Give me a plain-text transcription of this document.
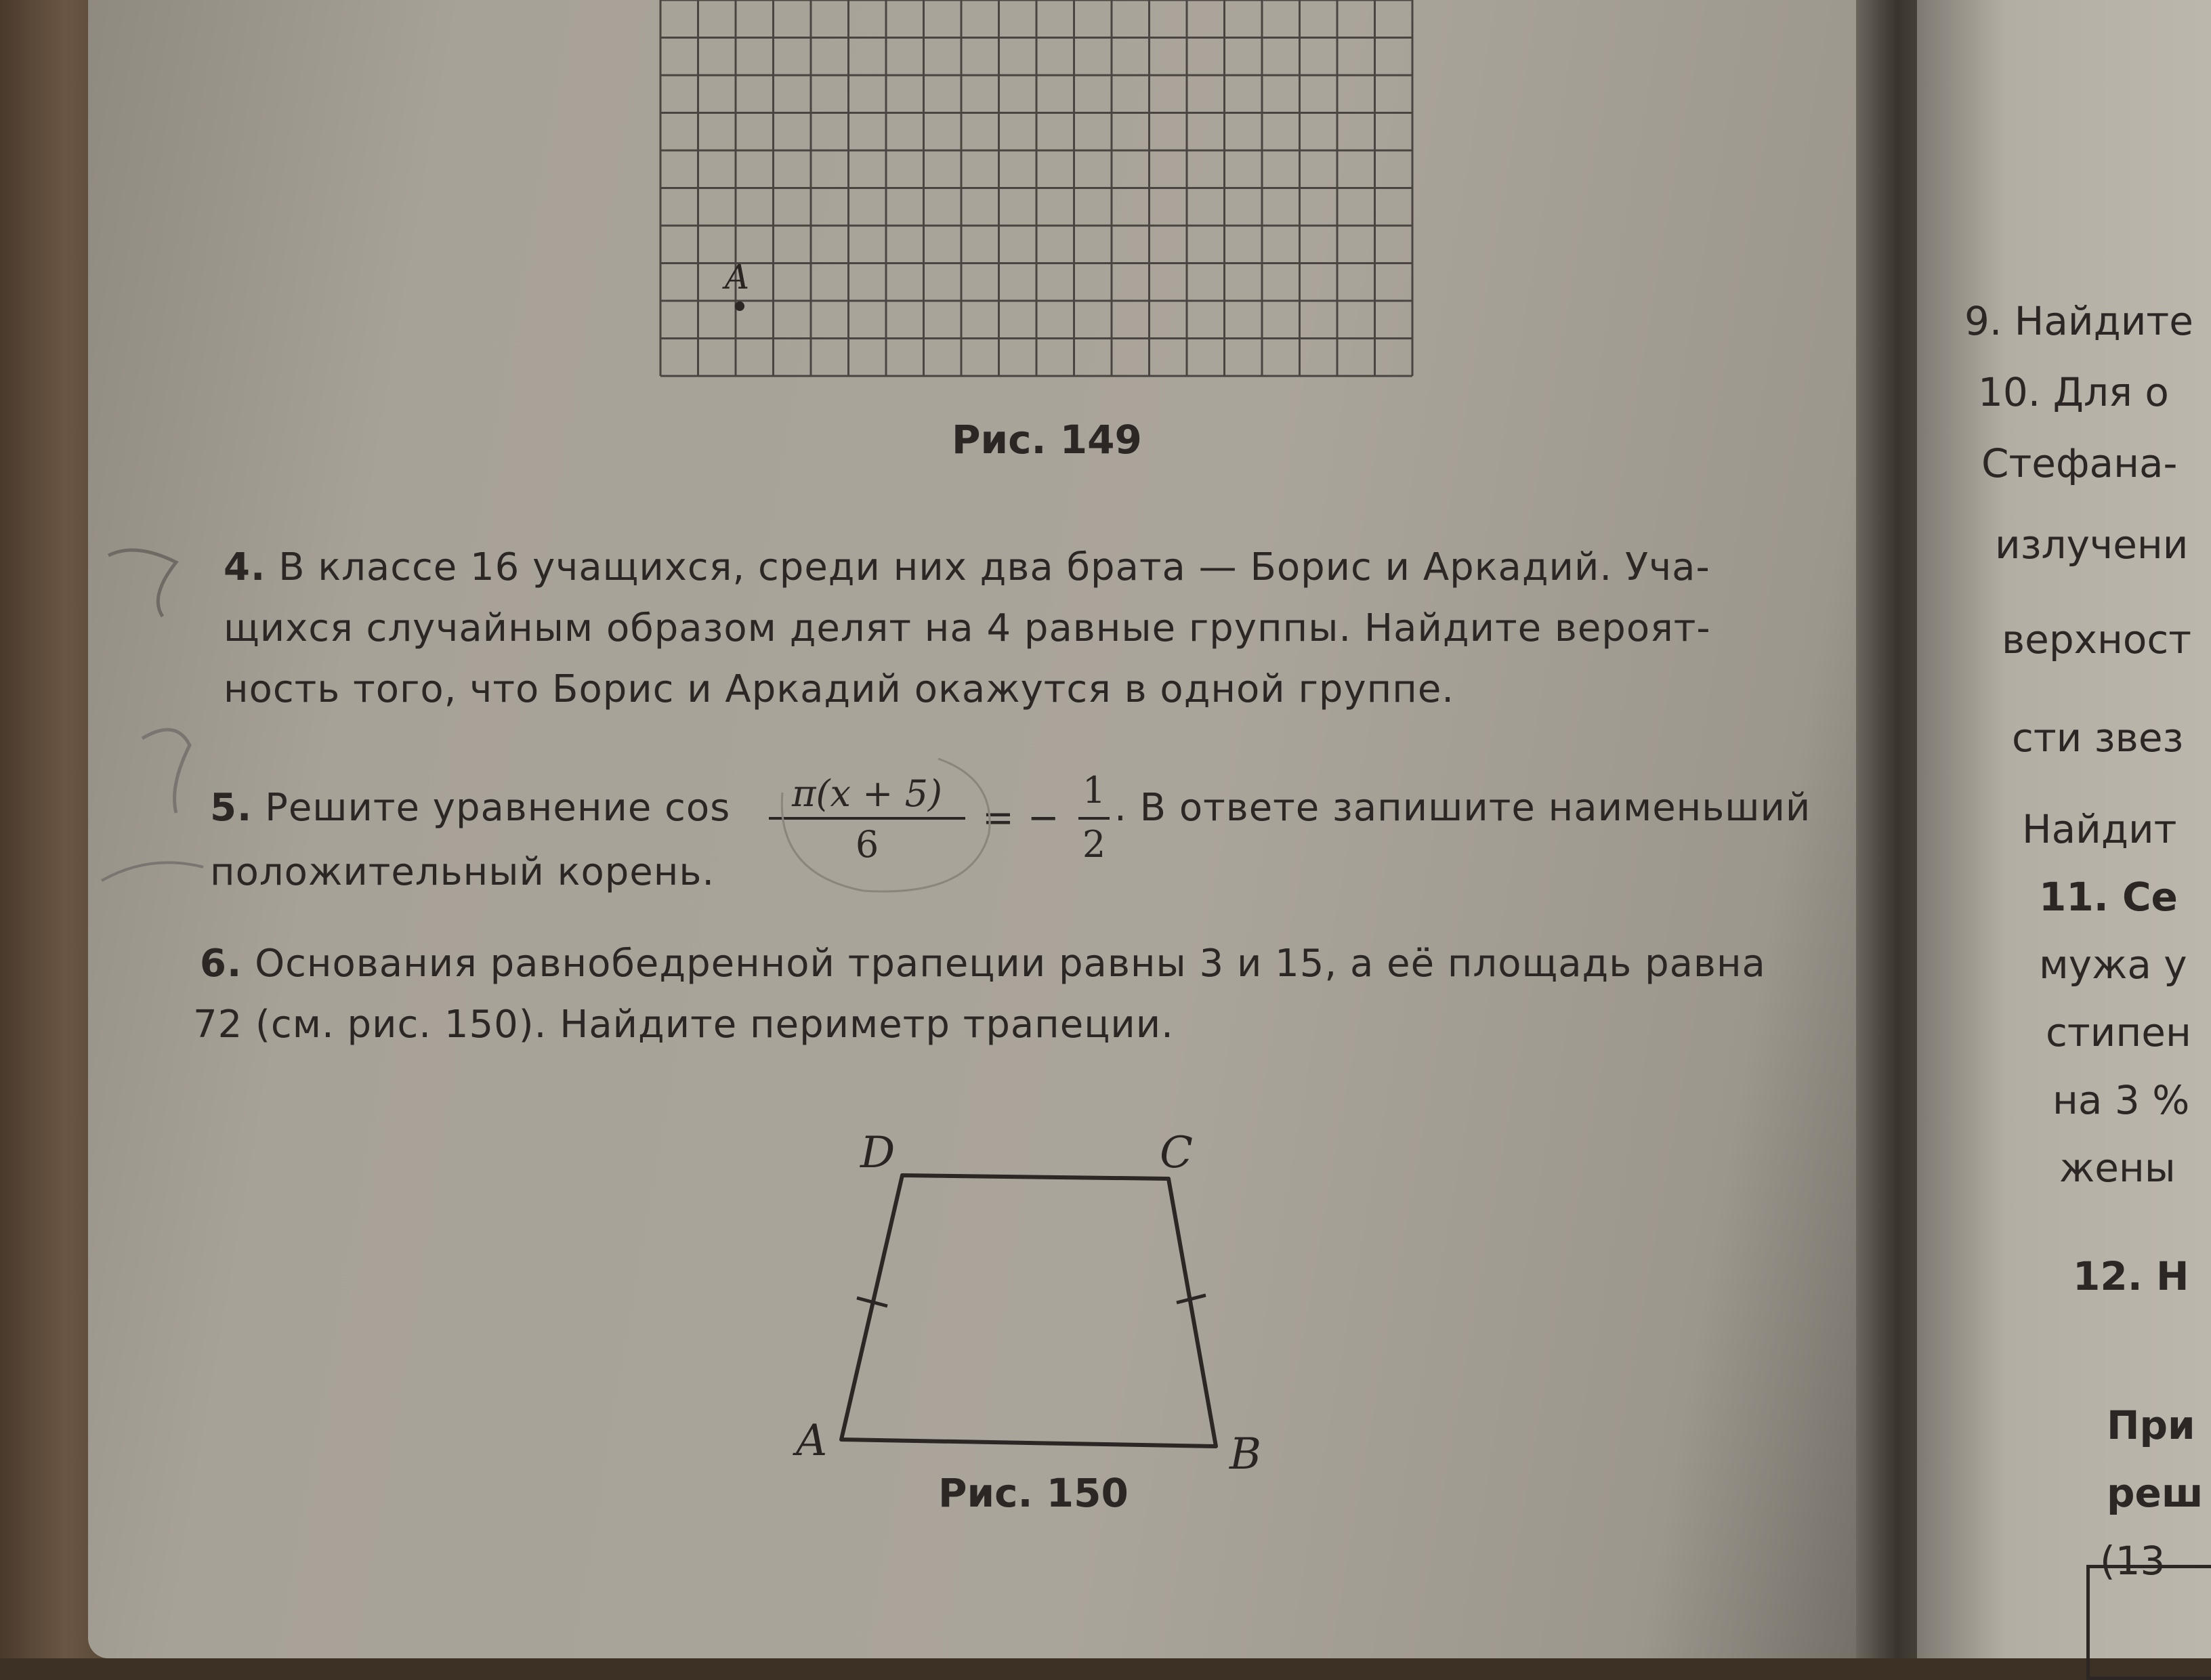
A
Рис. 149
4. В классе 16 учащихся, среди них два брата — Борис и Аркадий. Уча-
щихся случайным образом делят на 4 равные группы. Найдите вероят-
ность того, что Борис и Аркадий окажутся в одной группе.
5. Решите уравнение cos	π(x + 5)
6
= −
1
2
. В ответе запишите наименьший
положительный корень.
6. Основания равнобедренной трапеции равны 3 и 15, а её площадь равна
72 (см. рис. 150). Найдите периметр трапеции.
A	B
C
D
Рис. 150
9. Найдите
10. Для о
Стефана-
излучени
верхност
сти звез
Найдит
11. Се
мужа у
стипен
на 3 %
жены
12. Н
При
реш
(13
